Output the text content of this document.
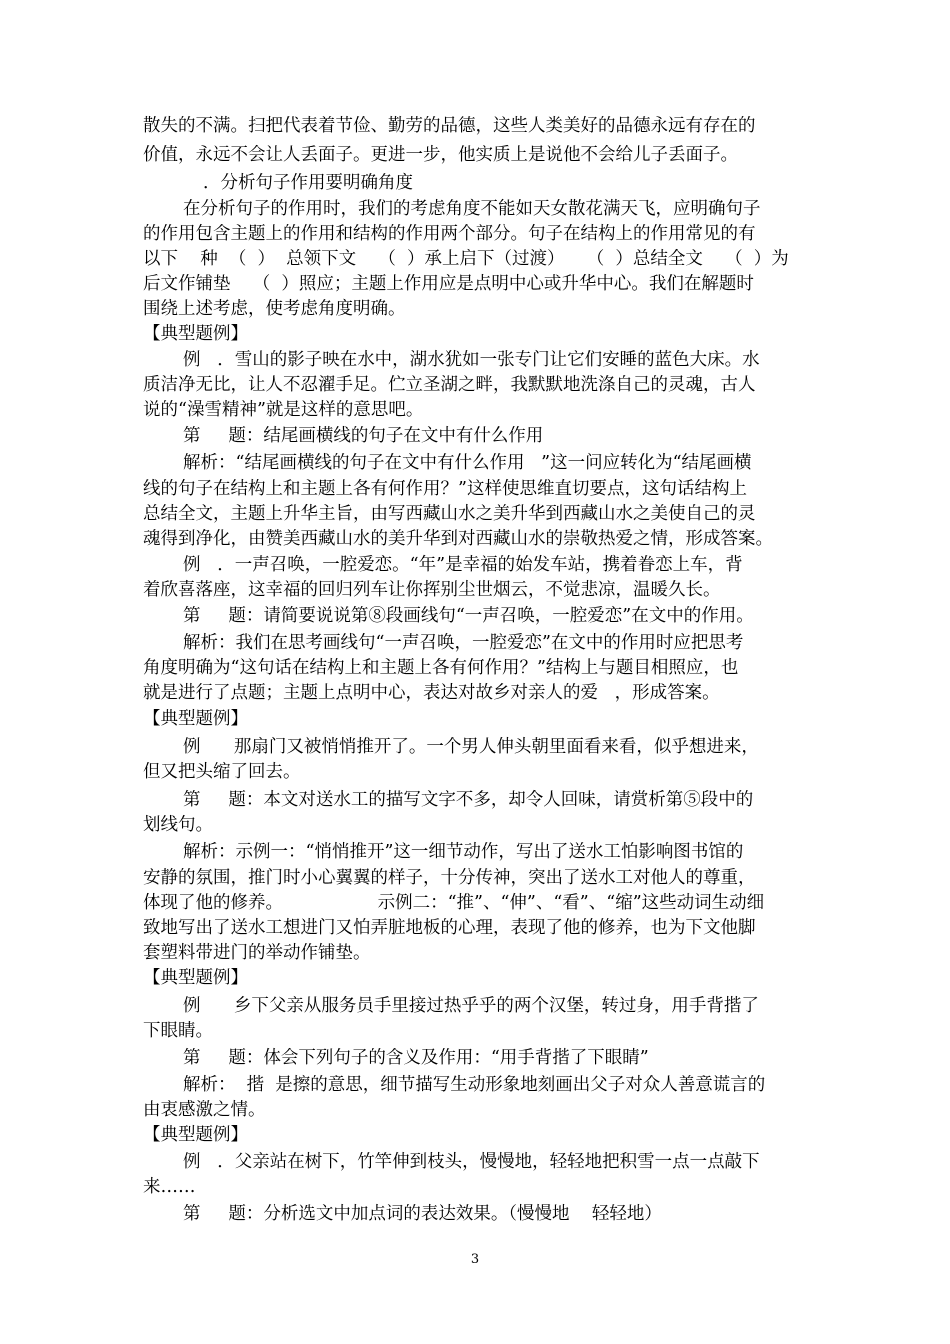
散失的不满。扫把代表着节俭、勤劳的品德，这些人类美好的品德永远有存在的
价值，永远不会让人丢面子。更进一步，他实质上是说他不会给儿子丢面子。
．分析句子作用要明确角度
在分析句子的作用时，我们的考虑角度不能如天女散花满天飞，应明确句子
的作用包含主题上的作用和结构的作用两个部分。句子在结构上的作用常见的有
以下    种  （  ）  总领下文    （  ）承上启下（过渡）    （  ）总结全文    （  ）为
后文作铺垫    （  ）照应；主题上作用应是点明中心或升华中心。我们在解题时
围绕上述考虑，使考虑角度明确。
【典型题例】
例   ．雪山的影子映在水中，湖水犹如一张专门让它们安睡的蓝色大床。水
质洁净无比，让人不忍濯手足。伫立圣湖之畔，我默默地洗涤自己的灵魂，古人
说的“澡雪精神”就是这样的意思吧。
第     题：结尾画横线的句子在文中有什么作用
解析：“结尾画横线的句子在文中有什么作用   ”这一问应转化为“结尾画横
线的句子在结构上和主题上各有何作用？”这样使思维直切要点，这句话结构上
总结全文，主题上升华主旨，由写西藏山水之美升华到西藏山水之美使自己的灵
魂得到净化，由赞美西藏山水的美升华到对西藏山水的崇敬热爱之情，形成答案。
例   ．一声召唤，一腔爱恋。“年”是幸福的始发车站，携着眷恋上车，背
着欣喜落座，这幸福的回归列车让你挥别尘世烟云，不觉悲凉，温暖久长。
第     题：请简要说说第⑧段画线句“一声召唤，一腔爱恋”在文中的作用。
解析：我们在思考画线句“一声召唤，一腔爱恋”在文中的作用时应把思考
角度明确为“这句话在结构上和主题上各有何作用？”结构上与题目相照应，也
就是进行了点题；主题上点明中心，表达对故乡对亲人的爱   ，形成答案。
【典型题例】
例      那扇门又被悄悄推开了。一个男人伸头朝里面看来看，似乎想进来，
但又把头缩了回去。
第     题：本文对送水工的描写文字不多，却令人回味，请赏析第⑤段中的
划线句。
解析：示例一：“悄悄推开”这一细节动作，写出了送水工怕影响图书馆的
安静的氛围，推门时小心翼翼的样子，十分传神，突出了送水工对他人的尊重，
体现了他的修养。                 示例二：“推”、“伸”、“看”、“缩”这些动词生动细
致地写出了送水工想进门又怕弄脏地板的心理，表现了他的修养，也为下文他脚
套塑料带进门的举动作铺垫。
【典型题例】
例      乡下父亲从服务员手里接过热乎乎的两个汉堡，转过身，用手背揩了
下眼睛。
第     题：体会下列句子的含义及作用：“用手背揩了下眼睛”
解析：  揩  是擦的意思，细节描写生动形象地刻画出父子对众人善意谎言的
由衷感激之情。
【典型题例】
例   ．父亲站在树下，竹竿伸到枝头，慢慢地，轻轻地把积雪一点一点敲下
来……
第     题：分析选文中加点词的表达效果。（慢慢地    轻轻地）
3
